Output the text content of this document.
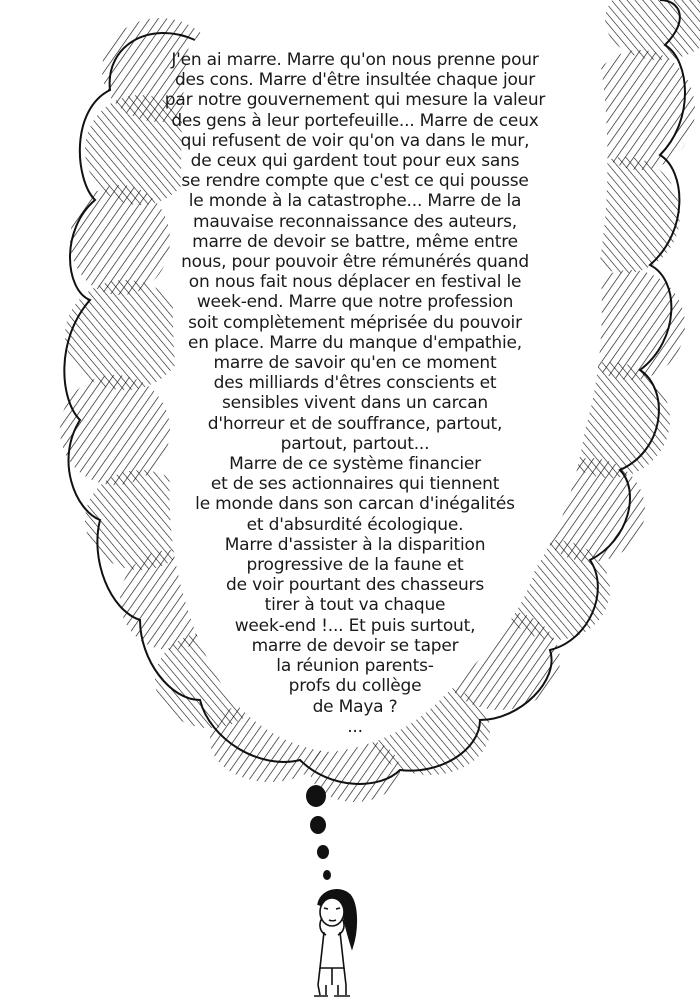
J'en ai marre. Marre qu'on nous prenne pour
des cons. Marre d'être insultée chaque jour
par notre gouvernement qui mesure la valeur
des gens à leur portefeuille... Marre de ceux
qui refusent de voir qu'on va dans le mur,
de ceux qui gardent tout pour eux sans
se rendre compte que c'est ce qui pousse
le monde à la catastrophe... Marre de la
mauvaise reconnaissance des auteurs,
marre de devoir se battre, même entre
nous, pour pouvoir être rémunérés quand
on nous fait nous déplacer en festival le
week-end. Marre que notre profession
soit complètement méprisée du pouvoir
en place. Marre du manque d'empathie,
marre de savoir qu'en ce moment
des milliards d'êtres conscients et
sensibles vivent dans un carcan
d'horreur et de souffrance, partout,
partout, partout...
Marre de ce système financier
et de ses actionnaires qui tiennent
le monde dans son carcan d'inégalités
et d'absurdité écologique.
Marre d'assister à la disparition
progressive de la faune et
de voir pourtant des chasseurs
tirer à tout va chaque
week-end !... Et puis surtout,
marre de devoir se taper
la réunion parents-
profs du collège
de Maya ?
...
